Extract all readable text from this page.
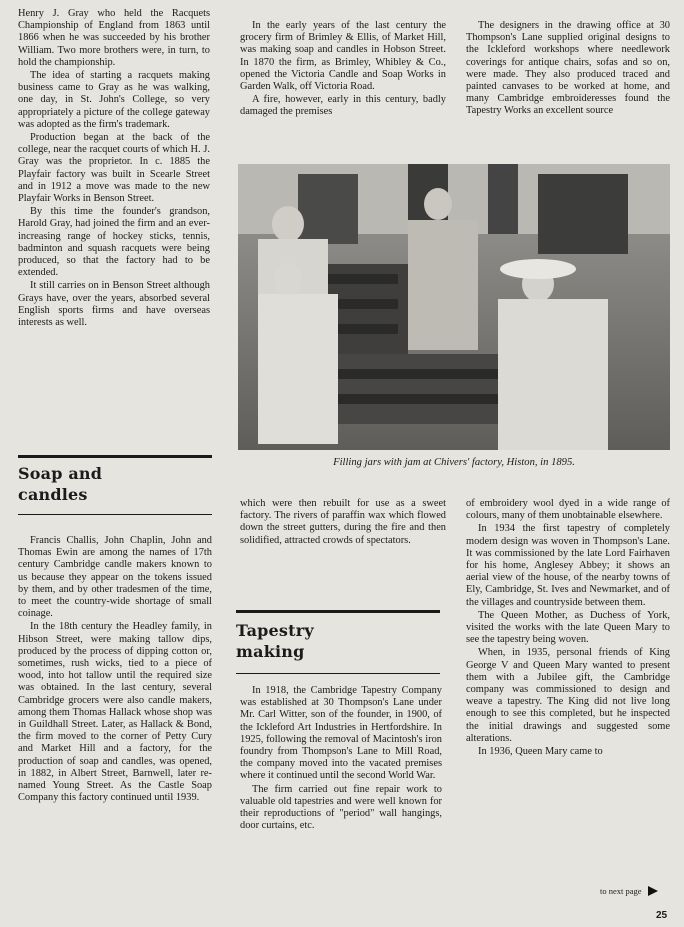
Henry J. Gray who held the Racquets Championship of England from 1863 until 1866 when he was succeeded by his brother William. Two more brothers were, in turn, to hold the championship.

The idea of starting a racquets making business came to Gray as he was walking, one day, in St. John's College, so very appropriately a picture of the college gateway was adopted as the firm's trademark.

Production began at the back of the college, near the racquet courts of which H. J. Gray was the proprietor. In c. 1885 the Playfair factory was built in Scearle Street and in 1912 a move was made to the new Playfair Works in Benson Street.

By this time the founder's grandson, Harold Gray, had joined the firm and an ever-increasing range of hockey sticks, tennis, badminton and squash racquets were being produced, so that the factory had to be extended.

It still carries on in Benson Street although Grays have, over the years, absorbed several English sports firms and have overseas interests as well.

In the early years of the last century the grocery firm of Brimley & Ellis, of Market Hill, was making soap and candles in Hobson Street. In 1870 the firm, as Brimley, Whibley & Co., opened the Victoria Candle and Soap Works in Garden Walk, off Victoria Road.

A fire, however, early in this century, badly damaged the premises

The designers in the drawing office at 30 Thompson's Lane supplied original designs to the Ickleford workshops where needlework coverings for antique chairs, sofas and so on, were made. They also produced traced and painted canvases to be worked at home, and many Cambridge embroideresses found the Tapestry Works an excellent source

Filling jars with jam at Chivers' factory, Histon, in 1895.
Soap and candles

Francis Challis, John Chaplin, John and Thomas Ewin are among the names of 17th century Cambridge candle makers known to us because they appear on the tokens issued by them, and by other tradesmen of the time, to meet the country-wide shortage of small coinage.

In the 18th century the Headley family, in Hibson Street, were making tallow dips, produced by the process of dipping cotton or, sometimes, rush wicks, tied to a piece of wood, into hot tallow until the required size was obtained. In the last century, several Cambridge grocers were also candle makers, among them Thomas Hallack whose shop was in Guildhall Street. Later, as Hallack & Bond, the firm moved to the corner of Petty Cury and Market Hill and a factory, for the production of soap and candles, was opened, in 1882, in Albert Street, Barnwell, later re-named Young Street. As the Castle Soap Company this factory continued until 1939.

which were then rebuilt for use as a sweet factory. The rivers of paraffin wax which flowed down the street gutters, during the fire and then solidified, attracted crowds of spectators.

Tapestry making

In 1918, the Cambridge Tapestry Company was established at 30 Thompson's Lane under Mr. Carl Witter, son of the founder, in 1900, of the Ickleford Art Industries in Hertfordshire. In 1925, following the removal of Macintosh's iron foundry from Thompson's Lane to Mill Road, the company moved into the vacated premises where it continued until the second World War.

The firm carried out fine repair work to valuable old tapestries and were well known for their reproductions of "period" wall hangings, door curtains, etc.

of embroidery wool dyed in a wide range of colours, many of them unobtainable elsewhere.

In 1934 the first tapestry of completely modern design was woven in Thompson's Lane. It was commissioned by the late Lord Fairhaven for his home, Anglesey Abbey; it shows an aerial view of the house, of the nearby towns of Ely, Cambridge, St. Ives and Newmarket, and of the villages and countryside between them.

The Queen Mother, as Duchess of York, visited the works with the late Queen Mary to see the tapestry being woven.

When, in 1935, personal friends of King George V and Queen Mary wanted to present them with a Jubilee gift, the Cambridge company was commissioned to design and weave a tapestry. The King did not live long enough to see this completed, but he inspected the initial drawings and suggested some alterations.

In 1936, Queen Mary came to

to next page
25
